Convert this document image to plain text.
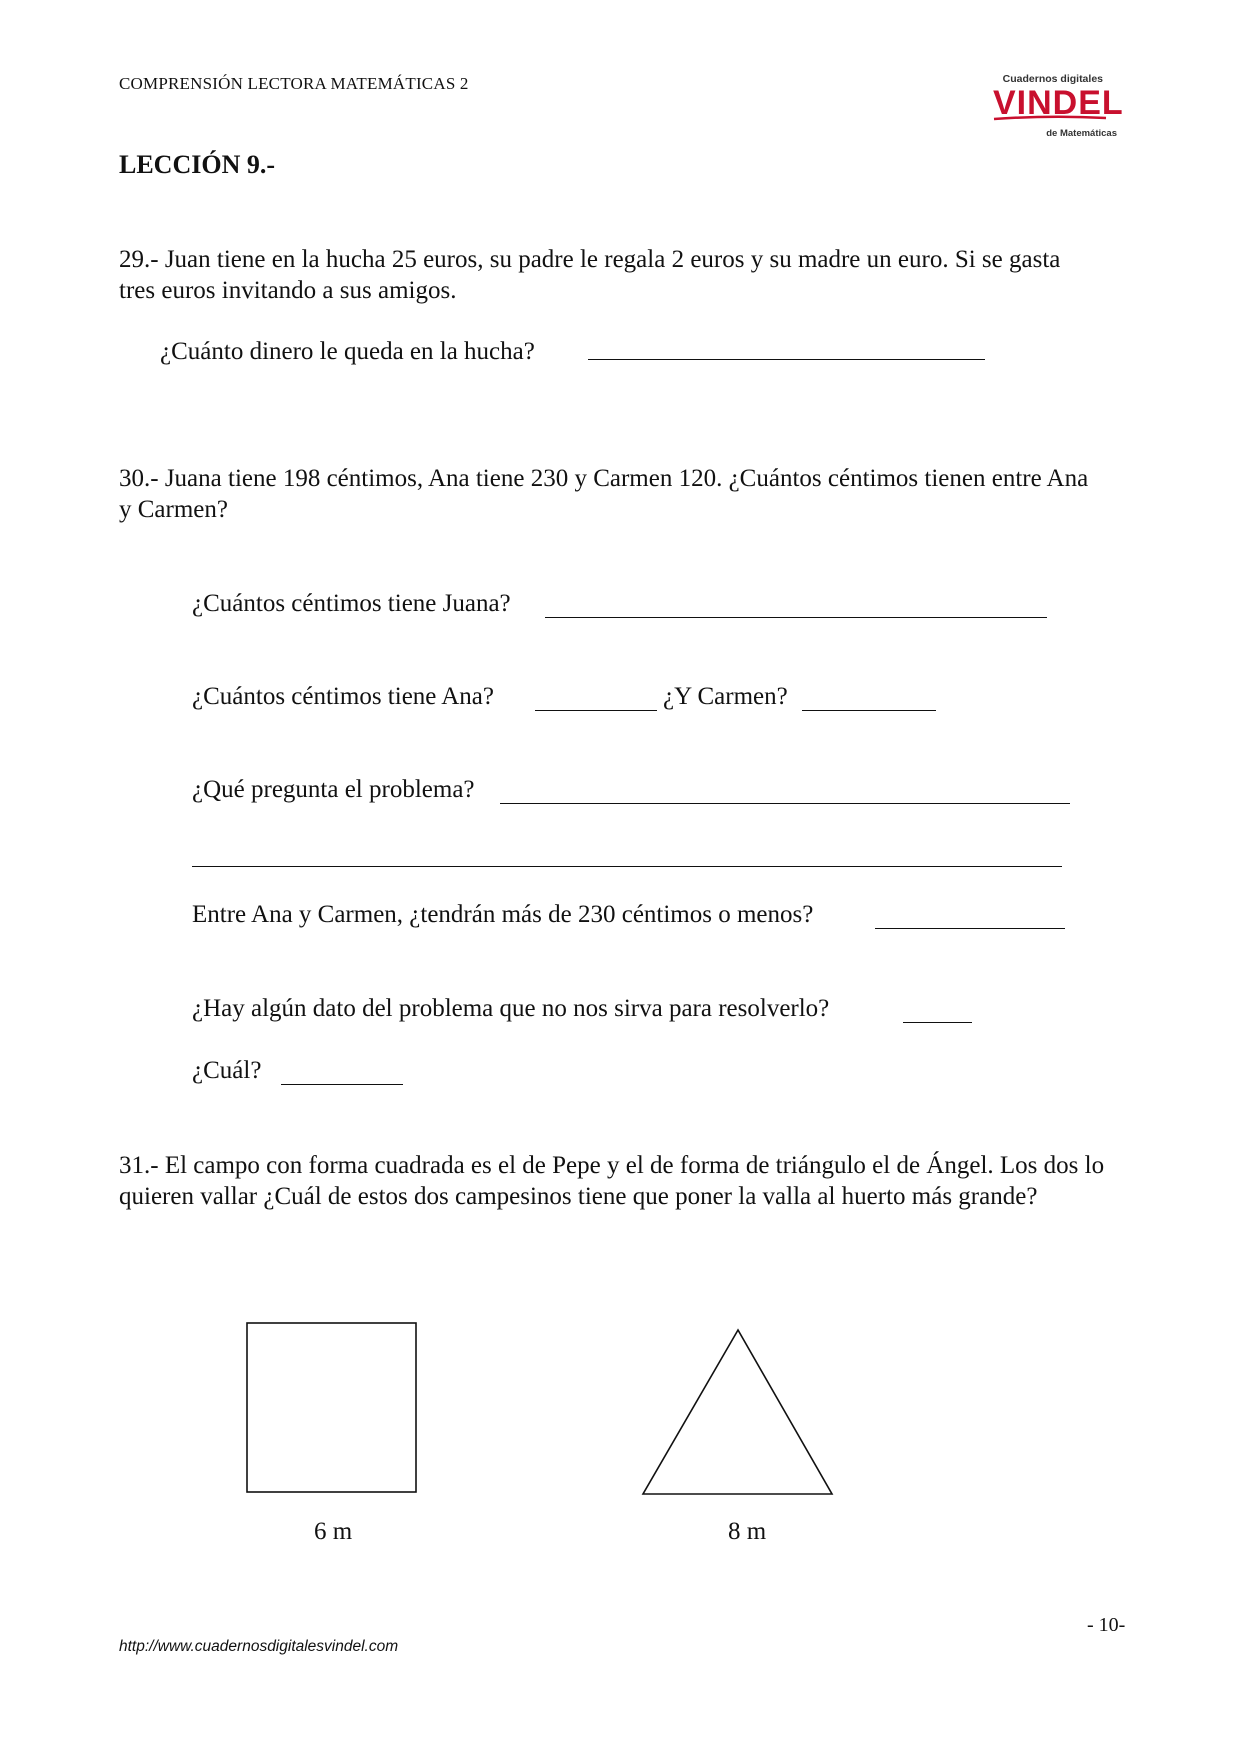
COMPRENSIÓN LECTORA MATEMÁTICAS 2	Cuadernos digitales
VINDEL
de Matemáticas
LECCIÓN 9.-
29.- Juan tiene en la hucha 25 euros, su padre le regala 2 euros y su madre un euro. Si se gasta tres euros invitando a sus amigos.
¿Cuánto dinero le queda en la hucha?
30.- Juana tiene 198 céntimos, Ana tiene 230 y Carmen 120. ¿Cuántos céntimos tienen entre Ana y Carmen?
¿Cuántos céntimos tiene Juana?
¿Cuántos céntimos tiene Ana?	¿Y Carmen?
¿Qué pregunta el problema?
Entre Ana y Carmen, ¿tendrán más de 230 céntimos o menos?
¿Hay algún dato del problema que no nos sirva para resolverlo?
¿Cuál?
31.- El campo con forma cuadrada es el de Pepe y el de forma de triángulo el de Ángel. Los dos lo quieren vallar ¿Cuál de estos dos campesinos tiene que poner la valla al huerto más grande?
6 m	8 m
- 10-
http://www.cuadernosdigitalesvindel.com
